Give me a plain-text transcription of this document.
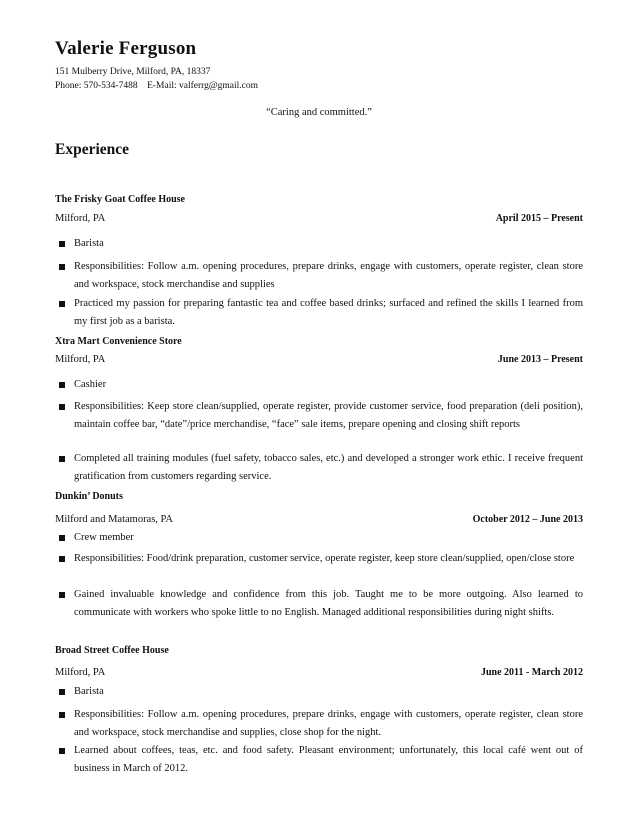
Valerie Ferguson
151 Mulberry Drive, Milford, PA, 18337
Phone: 570-534-7488    E-Mail: valferrg@gmail.com
“Caring and committed.”
Experience
The Frisky Goat Coffee House
Milford, PA	April 2015 – Present
Barista
Responsibilities: Follow a.m. opening procedures, prepare drinks, engage with customers, operate register, clean store and workspace, stock merchandise and supplies
Practiced my passion for preparing fantastic tea and coffee based drinks; surfaced and refined the skills I learned from my first job as a barista.
Xtra Mart Convenience Store
Milford, PA	June 2013 – Present
Cashier
Responsibilities: Keep store clean/supplied, operate register, provide customer service, food preparation (deli position), maintain coffee bar, “date”/price merchandise, “face” sale items, prepare opening and closing shift reports
Completed all training modules (fuel safety, tobacco sales, etc.) and developed a stronger work ethic. I receive frequent gratification from customers regarding service.
Dunkin’ Donuts
Milford and Matamoras, PA	October 2012 – June 2013
Crew member
Responsibilities: Food/drink preparation, customer service, operate register, keep store clean/supplied, open/close store
Gained invaluable knowledge and confidence from this job. Taught me to be more outgoing. Also learned to communicate with workers who spoke little to no English. Managed additional responsibilities during night shifts.
Broad Street Coffee House
Milford, PA	June 2011 - March 2012
Barista
Responsibilities: Follow a.m. opening procedures, prepare drinks, engage with customers, operate register, clean store and workspace, stock merchandise and supplies, close shop for the night.
Learned about coffees, teas, etc. and food safety. Pleasant environment; unfortunately, this local café went out of business in March of 2012.
